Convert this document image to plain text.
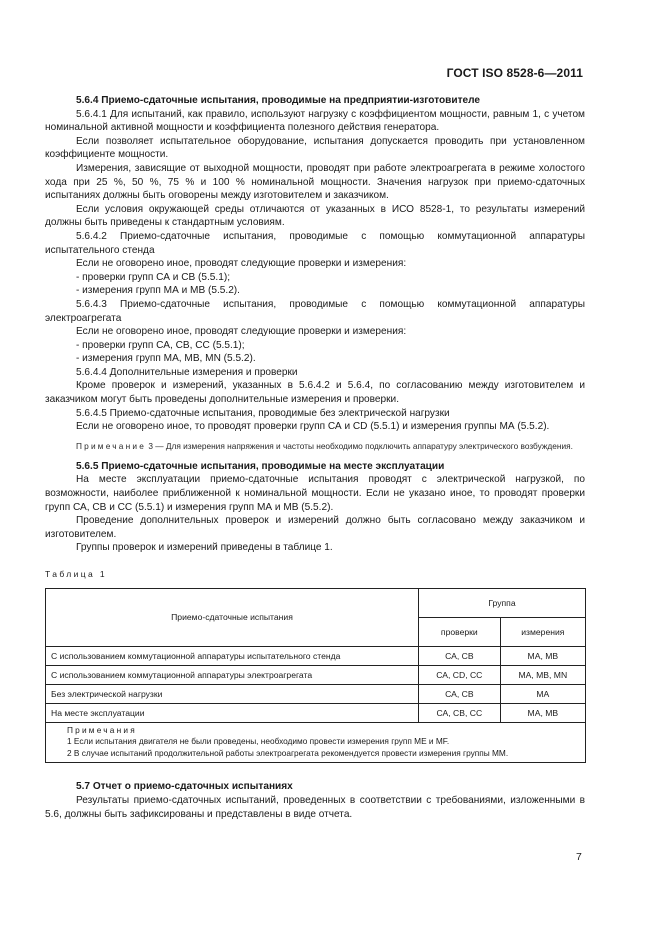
ГОСТ ISO 8528-6—2011
5.6.4 Приемо-сдаточные испытания, проводимые на предприятии-изготовителе
5.6.4.1 Для испытаний, как правило, используют нагрузку с коэффициентом мощности, равным 1, с учетом номинальной активной мощности и коэффициента полезного действия генератора.
Если позволяет испытательное оборудование, испытания допускается проводить при установленном коэффициенте мощности.
Измерения, зависящие от выходной мощности, проводят при работе электроагрегата в режиме холостого хода при 25 %, 50 %, 75 % и 100 % номинальной мощности. Значения нагрузок при приемо-сдаточных испытаниях должны быть оговорены между изготовителем и заказчиком.
Если условия окружающей среды отличаются от указанных в ИСО 8528-1, то результаты измерений должны быть приведены к стандартным условиям.
5.6.4.2 Приемо-сдаточные испытания, проводимые с помощью коммутационной аппаратуры испытательного стенда
Если не оговорено иное, проводят следующие проверки и измерения:
- проверки групп СА и СВ (5.5.1);
- измерения групп МА и МВ (5.5.2).
5.6.4.3 Приемо-сдаточные испытания, проводимые с помощью коммутационной аппаратуры электроагрегата
Если не оговорено иное, проводят следующие проверки и измерения:
- проверки групп СА, СВ, СС (5.5.1);
- измерения групп МА, МВ, MN (5.5.2).
5.6.4.4 Дополнительные измерения и проверки
Кроме проверок и измерений, указанных в 5.6.4.2 и 5.6.4, по согласованию между изготовителем и заказчиком могут быть проведены дополнительные измерения и проверки.
5.6.4.5 Приемо-сдаточные испытания, проводимые без электрической нагрузки
Если не оговорено иное, то проводят проверки групп СА и CD (5.5.1) и измерения группы МА (5.5.2).
Примечание 3 — Для измерения напряжения и частоты необходимо подключить аппаратуру электрического возбуждения.
5.6.5 Приемо-сдаточные испытания, проводимые на месте эксплуатации
На месте эксплуатации приемо-сдаточные испытания проводят с электрической нагрузкой, по возможности, наиболее приближенной к номинальной мощности. Если не указано иное, то проводят проверки групп СА, СВ и СС (5.5.1) и измерения групп МА и МВ (5.5.2).
Проведение дополнительных проверок и измерений должно быть согласовано между заказчиком и изготовителем.
Группы проверок и измерений приведены в таблице 1.
Таблица 1
Приемо-сдаточные испытания	Группа	
	проверки	измерения
С использованием коммутационной аппаратуры испытательного стенда	СА, СВ	МА, МВ
С использованием коммутационной аппаратуры электроагрегата	СА, CD, СС	МА, МВ, MN
Без электрической нагрузки	СА, СВ	МА
На месте эксплуатации	СА, СВ, СС	МА, МВ

Примечания
1 Если испытания двигателя не были проведены, необходимо провести измерения групп ME и MF.
2 В случае испытаний продолжительной работы электроагрегата рекомендуется провести измерения группы ММ.		
5.7 Отчет о приемо-сдаточных испытаниях
Результаты приемо-сдаточных испытаний, проведенных в соответствии с требованиями, изложенными в 5.6, должны быть зафиксированы и представлены в виде отчета.
7
